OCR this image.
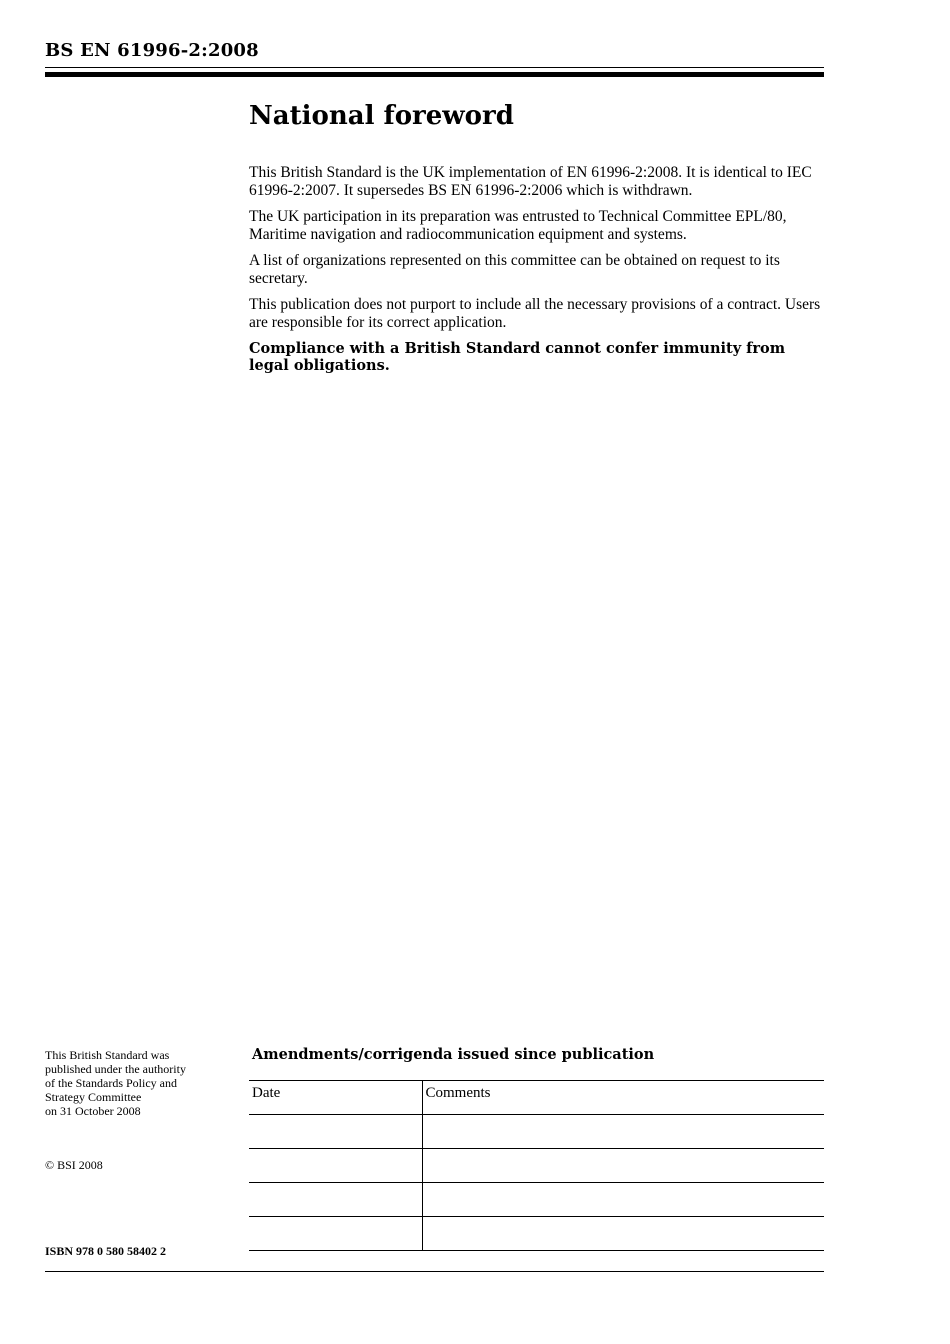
BS EN 61996-2:2008
National foreword

This British Standard is the UK implementation of EN 61996-2:2008. It is identical to IEC 61996-2:2007. It supersedes BS EN 61996-2:2006 which is withdrawn.

The UK participation in its preparation was entrusted to Technical Committee EPL/80, Maritime navigation and radiocommunication equipment and systems.

A list of organizations represented on this committee can be obtained on request to its secretary.

This publication does not purport to include all the necessary provisions of a contract. Users are responsible for its correct application.

Compliance with a British Standard cannot confer immunity from legal obligations.

This British Standard was
published under the authority
of the Standards Policy and
Strategy Committee
on 31 October 2008
© BSI 2008
ISBN 978 0 580 58402 2
Amendments/corrigenda issued since publication
Date	Comments
